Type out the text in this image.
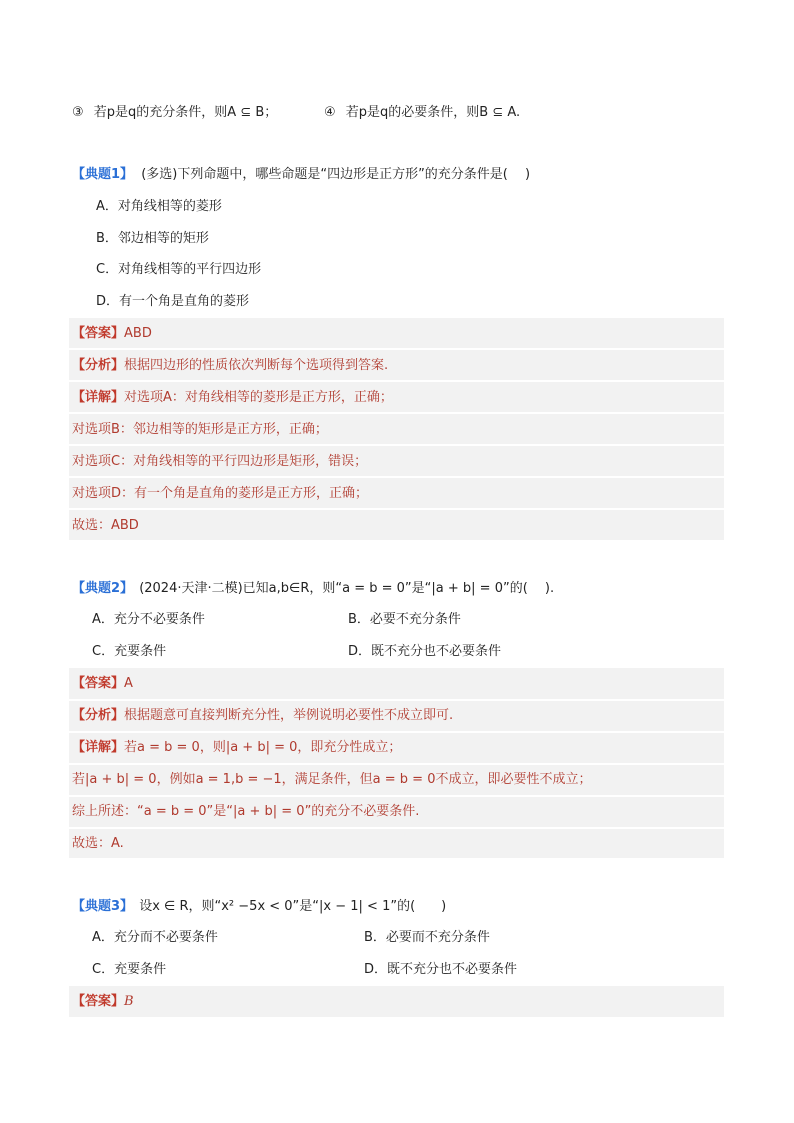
③ 若p是q的充分条件，则A ⊆ B；	④ 若p是q的必要条件，则B ⊆ A.
【典题1】 (多选)下列命题中，哪些命题是“四边形是正方形”的充分条件是(　 )
A．对角线相等的菱形
B．邻边相等的矩形
C．对角线相等的平行四边形
D．有一个角是直角的菱形
【答案】ABD
【分析】根据四边形的性质依次判断每个选项得到答案.
【详解】对选项A：对角线相等的菱形是正方形，正确；
对选项B：邻边相等的矩形是正方形，正确；
对选项C：对角线相等的平行四边形是矩形，错误；
对选项D：有一个角是直角的菱形是正方形，正确；
故选：ABD
【典题2】 (2024·天津·二模)已知a,b∈R，则“a = b = 0”是“|a + b| = 0”的(　 ).
A．充分不必要条件	B．必要不充分条件
C．充要条件	D．既不充分也不必要条件
【答案】A
【分析】根据题意可直接判断充分性，举例说明必要性不成立即可.
【详解】若a = b = 0，则|a + b| = 0，即充分性成立；
若|a + b| = 0，例如a = 1,b = −1，满足条件，但a = b = 0不成立，即必要性不成立；
综上所述：“a = b = 0”是“|a + b| = 0”的充分不必要条件.
故选：A.
【典题3】 设x ∈ R，则“x² −5x < 0”是“|x − 1| < 1”的(　　)
A．充分而不必要条件	B．必要而不充分条件
C．充要条件	D．既不充分也不必要条件
【答案】B
